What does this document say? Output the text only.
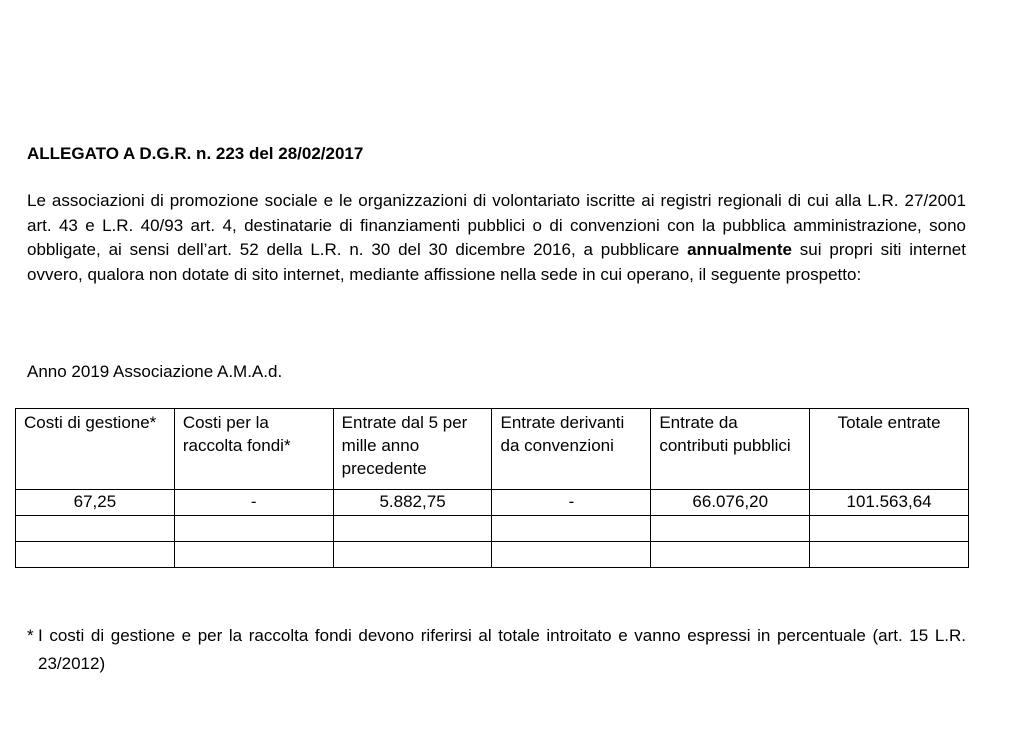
ALLEGATO A D.G.R. n. 223 del 28/02/2017
Le associazioni di promozione sociale e le organizzazioni di volontariato iscritte ai registri regionali di cui alla L.R. 27/2001 art. 43 e L.R. 40/93 art. 4, destinatarie di finanziamenti pubblici o di convenzioni con la pubblica amministrazione, sono obbligate, ai sensi dell’art. 52 della L.R. n. 30 del 30 dicembre 2016, a pubblicare annualmente sui propri siti internet ovvero, qualora non dotate di sito internet, mediante affissione nella sede in cui operano, il seguente prospetto:
Anno 2019 Associazione A.M.A.d.
Costi di gestione*	Costi per la raccolta fondi*	Entrate dal 5 per mille anno precedente	Entrate derivanti da convenzioni	Entrate da contributi pubblici	Totale entrate
67,25	-	5.882,75	-	66.076,20	101.563,64

* I costi di gestione e per la raccolta fondi devono riferirsi al totale introitato e vanno espressi in percentuale (art. 15 L.R. 23/2012)
